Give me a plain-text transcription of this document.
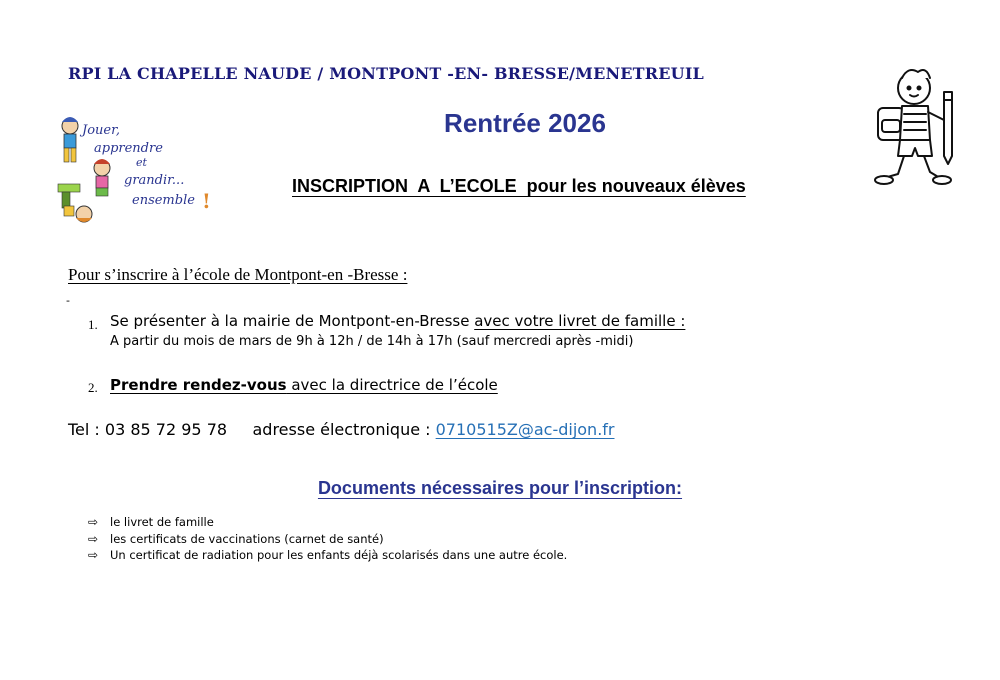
RPI LA CHAPELLE NAUDE / MONTPONT -EN- BRESSE/MENETREUIL
Rentrée 2026
INSCRIPTION  A  L’ECOLE  pour les nouveaux élèves
Jouer,
apprendre
et
grandir...
ensemble !
Pour s’inscrire à l’école de Montpont-en -Bresse :
-
1. Se présenter à la mairie de Montpont-en-Bresse avec votre livret de famille :
A partir du mois de mars de 9h à 12h / de 14h à 17h (sauf mercredi après -midi)
2. Prendre rendez-vous avec la directrice de l’école
Tel : 03 85 72 95 78 adresse électronique : 0710515Z@ac-dijon.fr
Documents nécessaires pour l’inscription:
⇨	le livret de famille
⇨	les certificats de vaccinations (carnet de santé)
⇨	Un certificat de radiation pour les enfants déjà scolarisés dans une autre école.
